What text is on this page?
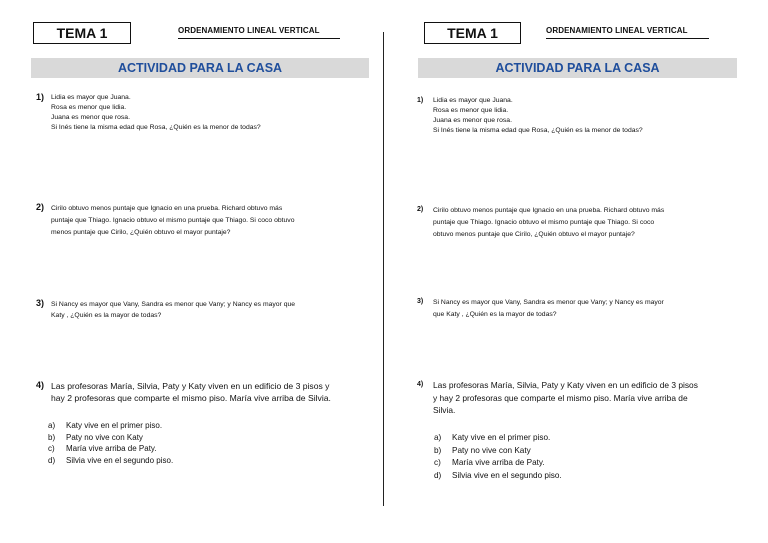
TEMA 1	ORDENAMIENTO LINEAL VERTICAL
ACTIVIDAD PARA LA CASA
1) Lidia es mayor que Juana.
Rosa es menor que lidia.
Juana es menor que rosa.
Si Inés tiene la misma edad que Rosa, ¿Quién es la menor de todas?
2) Cirilo obtuvo menos puntaje que Ignacio en una prueba. Richard obtuvo más
puntaje que Thiago. Ignacio obtuvo el mismo puntaje que Thiago. Si coco obtuvo
menos puntaje que Cirilo, ¿Quién obtuvo el mayor puntaje?
3) Si Nancy es mayor que Vany, Sandra es menor que Vany; y Nancy es mayor que
Katy , ¿Quién es la mayor de todas?
4) Las profesoras María, Silvia, Paty y Katy viven en un edificio de 3 pisos y
hay 2 profesoras que comparte el mismo piso. María vive arriba de Silvia.
a) Katy vive en el primer piso.
b) Paty no vive con Katy
c) María vive arriba de Paty.
d) Silvia vive en el segundo piso.
TEMA 1	ORDENAMIENTO LINEAL VERTICAL
ACTIVIDAD PARA LA CASA
1) Lidia es mayor que Juana.
Rosa es menor que lidia.
Juana es menor que rosa.
Si Inés tiene la misma edad que Rosa, ¿Quién es la menor de todas?
2) Cirilo obtuvo menos puntaje que Ignacio en una prueba. Richard obtuvo más
puntaje que Thiago. Ignacio obtuvo el mismo puntaje que Thiago. Si coco
obtuvo menos puntaje que Cirilo, ¿Quién obtuvo el mayor puntaje?
3) Si Nancy es mayor que Vany, Sandra es menor que Vany; y Nancy es mayor
que Katy , ¿Quién es la mayor de todas?
4) Las profesoras María, Silvia, Paty y Katy viven en un edificio de 3 pisos
y hay 2 profesoras que comparte el mismo piso. María vive arriba de
Silvia.
a) Katy vive en el primer piso.
b) Paty no vive con Katy
c) María vive arriba de Paty.
d) Silvia vive en el segundo piso.
